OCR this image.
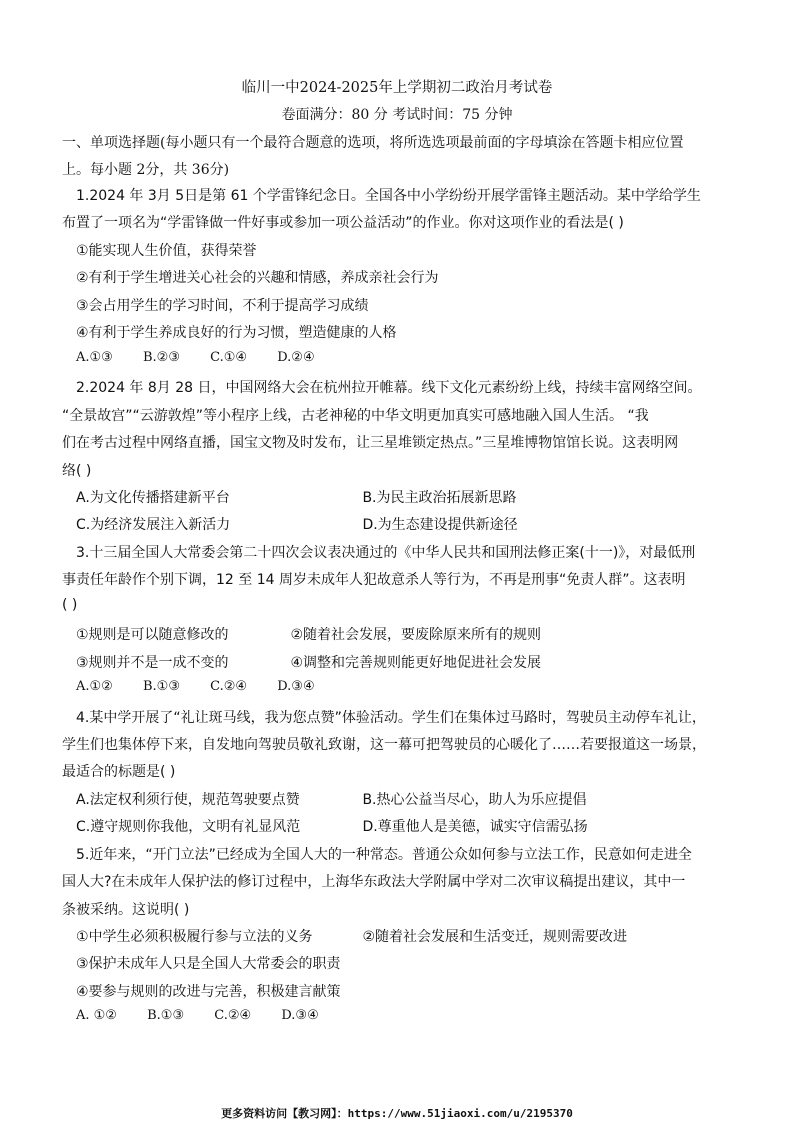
临川一中2024-2025年上学期初二政治月考试卷
卷面满分：80 分 考试时间：75 分钟
一、单项选择题(每小题只有一个最符合题意的选项，将所选选项最前面的字母填涂在答题卡相应位置
上。每小题 2分，共 36分)
1.2024 年 3月 5日是第 61 个学雷锋纪念日。全国各中小学纷纷开展学雷锋主题活动。某中学给学生
布置了一项名为“学雷锋做一件好事或参加一项公益活动”的作业。你对这项作业的看法是( )
①能实现人生价值，获得荣誉
②有利于学生增进关心社会的兴趣和情感，养成亲社会行为
③会占用学生的学习时间，不利于提高学习成绩
④有利于学生养成良好的行为习惯，塑造健康的人格
A.①③ B.②③ C.①④ D.②④
2.2024 年 8月 28 日，中国网络大会在杭州拉开帷幕。线下文化元素纷纷上线，持续丰富网络空间。
“全景故宫”“云游敦煌”等小程序上线，古老神秘的中华文明更加真实可感地融入国人生活。 “我
们在考古过程中网络直播，国宝文物及时发布，让三星堆锁定热点。”三星堆博物馆馆长说。这表明网
络( )
A.为文化传播搭建新平台	B.为民主政治拓展新思路
C.为经济发展注入新活力	D.为生态建设提供新途径
3.十三届全国人大常委会第二十四次会议表决通过的《中华人民共和国刑法修正案(十一)》，对最低刑
事责任年龄作个别下调，12 至 14 周岁未成年人犯故意杀人等行为，不再是刑事“免责人群”。这表明
( )
①规则是可以随意修改的	②随着社会发展，要废除原来所有的规则
③规则并不是一成不变的	④调整和完善规则能更好地促进社会发展
A.①② B.①③ C.②④ D.③④
4.某中学开展了“礼让斑马线，我为您点赞”体验活动。学生们在集体过马路时，驾驶员主动停车礼让，
学生们也集体停下来，自发地向驾驶员敬礼致谢，这一幕可把驾驶员的心暖化了……若要报道这一场景，
最适合的标题是( )
A.法定权利须行使，规范驾驶要点赞	B.热心公益当尽心，助人为乐应提倡
C.遵守规则你我他，文明有礼显风范	D.尊重他人是美德，诚实守信需弘扬
5.近年来，“开门立法”已经成为全国人大的一种常态。普通公众如何参与立法工作，民意如何走进全
国人大?在未成年人保护法的修订过程中，上海华东政法大学附属中学对二次审议稿提出建议，其中一
条被采纳。这说明( )
①中学生必须积极履行参与立法的义务	②随着社会发展和生活变迁，规则需要改进
③保护未成年人只是全国人大常委会的职责
④要参与规则的改进与完善，积极建言献策
A. ①② B.①③ C.②④ D.③④
更多资料访问【教习网】：https://www.51jiaoxi.com/u/2195370
